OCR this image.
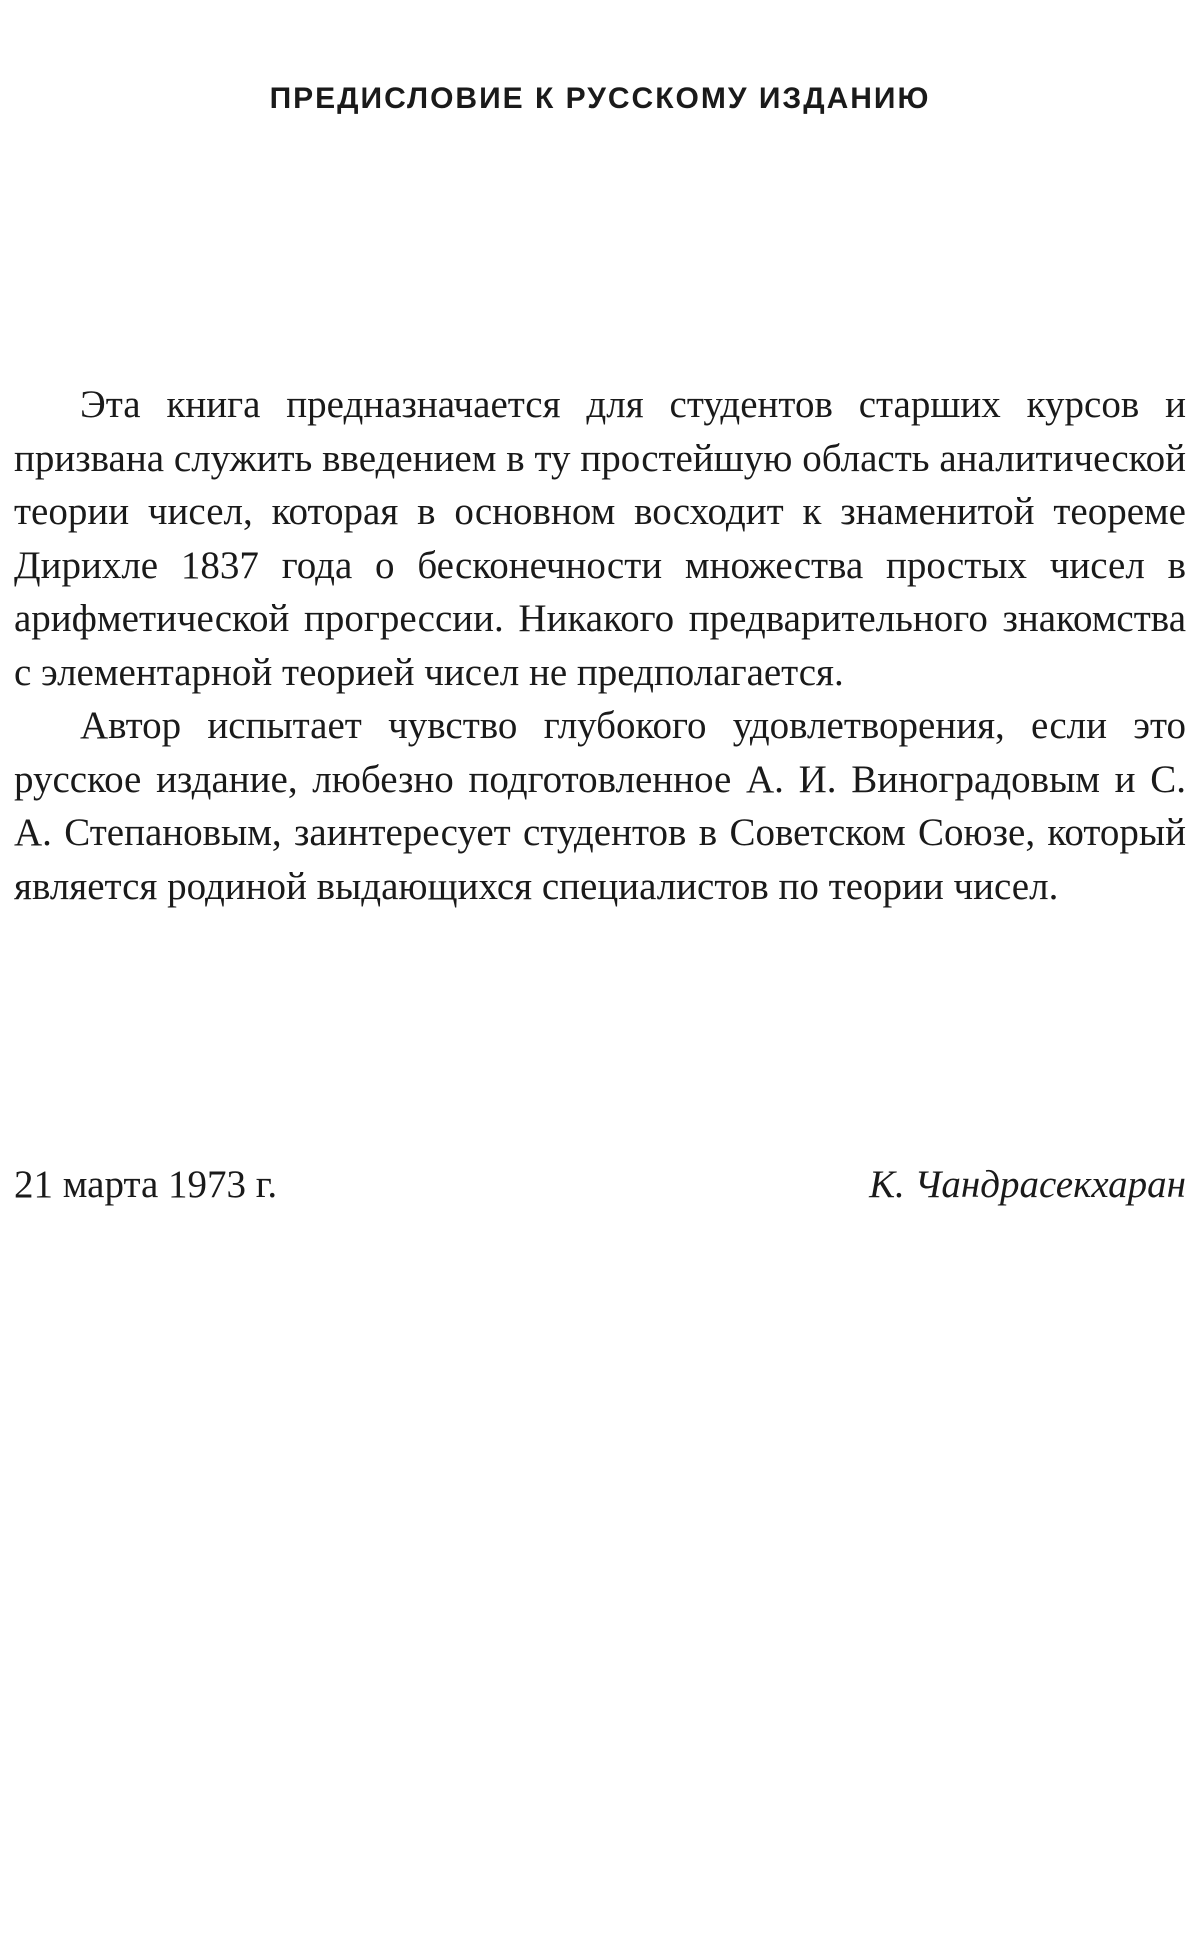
ПРЕДИСЛОВИЕ К РУССКОМУ ИЗДАНИЮ

Эта книга предназначается для студентов старших курсов и призвана служить введением в ту простейшую область аналитической теории чисел, которая в основном восходит к знаменитой теореме Дирихле 1837 года о бесконечности множества простых чисел в арифметической прогрессии. Никакого предварительного знакомства с элементарной теорией чисел не предполагается.

Автор испытает чувство глубокого удовлетворения, если это русское издание, любезно подготовленное А. И. Виноградовым и С. А. Степановым, заинтересует студентов в Советском Союзе, который является родиной выдающихся специалистов по теории чисел.

21 марта 1973 г.	К. Чандрасекхаран
